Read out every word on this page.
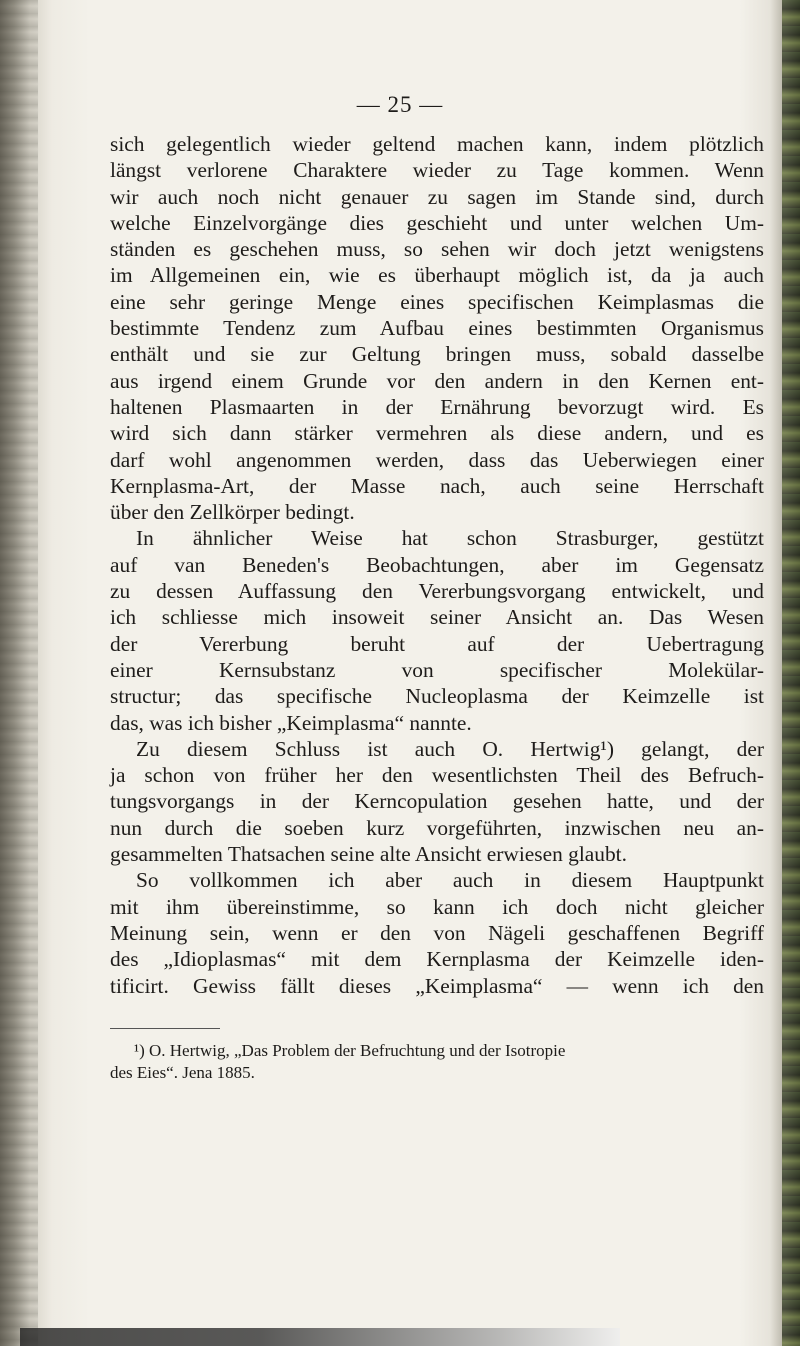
— 25 —
sich gelegentlich wieder geltend machen kann, indem plötzlich
längst verlorene Charaktere wieder zu Tage kommen. Wenn
wir auch noch nicht genauer zu sagen im Stande sind, durch
welche Einzelvorgänge dies geschieht und unter welchen Um-
ständen es geschehen muss, so sehen wir doch jetzt wenigstens
im Allgemeinen ein, wie es überhaupt möglich ist, da ja auch
eine sehr geringe Menge eines specifischen Keimplasmas die
bestimmte Tendenz zum Aufbau eines bestimmten Organismus
enthält und sie zur Geltung bringen muss, sobald dasselbe
aus irgend einem Grunde vor den andern in den Kernen ent-
haltenen Plasmaarten in der Ernährung bevorzugt wird. Es
wird sich dann stärker vermehren als diese andern, und es
darf wohl angenommen werden, dass das Ueberwiegen einer
Kernplasma-Art, der Masse nach, auch seine Herrschaft
über den Zellkörper bedingt.
In ähnlicher Weise hat schon Strasburger, gestützt
auf van Beneden's Beobachtungen, aber im Gegensatz
zu dessen Auffassung den Vererbungsvorgang entwickelt, und
ich schliesse mich insoweit seiner Ansicht an. Das Wesen
der Vererbung beruht auf der Uebertragung
einer Kernsubstanz von specifischer Molekülar-
structur; das specifische Nucleoplasma der Keimzelle ist
das, was ich bisher „Keimplasma“ nannte.
Zu diesem Schluss ist auch O. Hertwig¹) gelangt, der
ja schon von früher her den wesentlichsten Theil des Befruch-
tungsvorgangs in der Kerncopulation gesehen hatte, und der
nun durch die soeben kurz vorgeführten, inzwischen neu an-
gesammelten Thatsachen seine alte Ansicht erwiesen glaubt.
So vollkommen ich aber auch in diesem Hauptpunkt
mit ihm übereinstimme, so kann ich doch nicht gleicher
Meinung sein, wenn er den von Nägeli geschaffenen Begriff
des „Idioplasmas“ mit dem Kernplasma der Keimzelle iden-
tificirt. Gewiss fällt dieses „Keimplasma“ — wenn ich den
¹) O. Hertwig, „Das Problem der Befruchtung und der Isotropie
des Eies“. Jena 1885.
